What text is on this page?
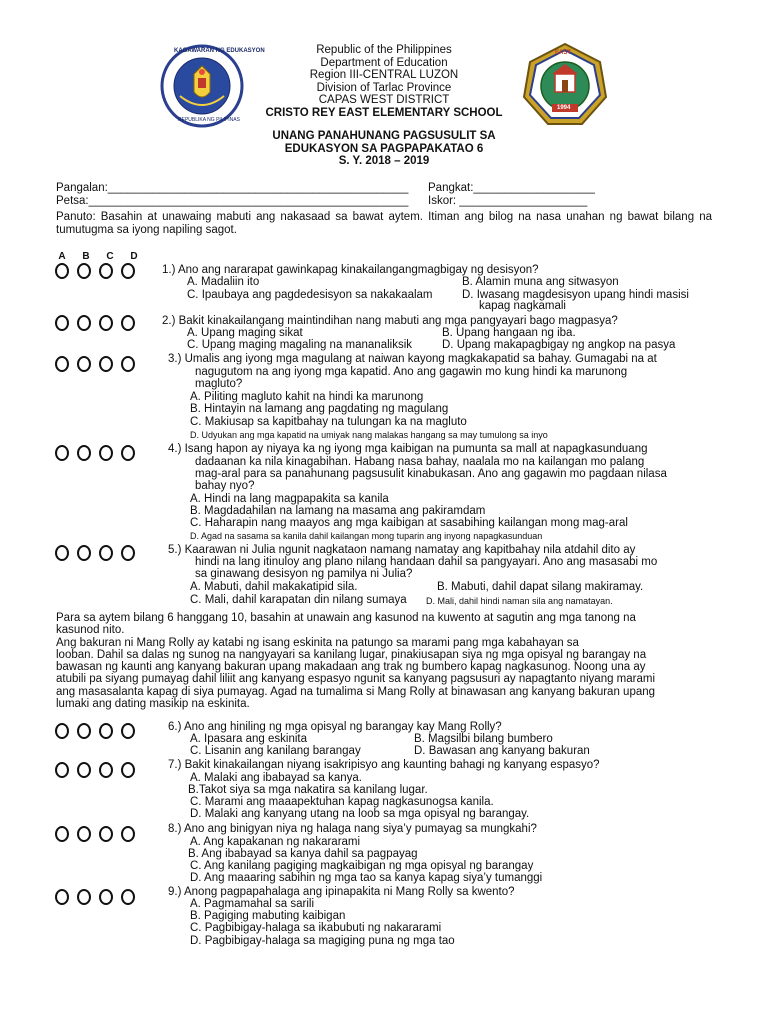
KAGAWARAN NG EDUKASYON
REPUBLIKA NG PILIPINAS
EAST
1994
Republic of the Philippines
Department of Education
Region III-CENTRAL LUZON
Division of Tarlac Province
CAPAS WEST DISTRICT
CRISTO REY EAST ELEMENTARY SCHOOL
UNANG PANAHUNANG PAGSUSULIT SA
EDUKASYON SA PAGPAPAKATAO 6
S. Y. 2018 – 2019
Pangalan:_______________________________________________ Pangkat:___________________
Petsa:__________________________________________________ Iskor: ____________________
Panuto: Basahin at unawaing mabuti ang nakasaad sa bawat aytem. Itiman ang bilog na nasa unahan ng bawat bilang na tumutugma sa iyong napiling sagot.
A B C D
1.) Ano ang nararapat gawinkapag kinakailangangmagbigay ng desisyon?
A. Madaliin ito	B. Alamin muna ang sitwasyon
C. Ipaubaya ang pagdedesisyon sa nakakaalam	D. Iwasang magdesisyon upang hindi masisi
kapag nagkamali
2.) Bakit kinakailangang maintindihan nang mabuti ang mga pangyayari bago magpasya?
A. Upang maging sikat	B. Upang hangaan ng iba.
C. Upang maging magaling na mananaliksik	D. Upang makapagbigay ng angkop na pasya
3.) Umalis ang iyong mga magulang at naiwan kayong magkakapatid sa bahay. Gumagabi na at
nagugutom na ang iyong mga kapatid. Ano ang gagawin mo kung hindi ka marunong
magluto?
A. Piliting magluto kahit na hindi ka marunong
B. Hintayin na lamang ang pagdating ng magulang
C. Makiusap sa kapitbahay na tulungan ka na magluto
D. Udyukan ang mga kapatid na umiyak nang malakas hangang sa may tumulong sa inyo
4.) Isang hapon ay niyaya ka ng iyong mga kaibigan na pumunta sa mall at napagkasunduang
dadaanan ka nila kinagabihan. Habang nasa bahay, naalala mo na kailangan mo palang
mag-aral para sa panahunang pagsusulit kinabukasan. Ano ang gagawin mo pagdaan nilasa
bahay nyo?
A. Hindi na lang magpapakita sa kanila
B. Magdadahilan na lamang na masama ang pakiramdam
C. Haharapin nang maayos ang mga kaibigan at sasabihing kailangan mong mag-aral
D. Agad na sasama sa kanila dahil kailangan mong tuparin ang inyong napagkasunduan
5.) Kaarawan ni Julia ngunit nagkataon namang namatay ang kapitbahay nila atdahil dito ay
hindi na lang itinuloy ang plano nilang handaan dahil sa pangyayari. Ano ang masasabi mo
sa ginawang desisyon ng pamilya ni Julia?
A. Mabuti, dahil makakatipid sila.	B. Mabuti, dahil dapat silang makiramay.
C. Mali, dahil karapatan din nilang sumaya D. Mali, dahil hindi naman sila ang namatayan.
Para sa aytem bilang 6 hanggang 10, basahin at unawain ang kasunod na kuwento at sagutin ang mga tanong na
kasunod nito.
Ang bakuran ni Mang Rolly ay katabi ng isang eskinita na patungo sa marami pang mga kabahayan sa
looban. Dahil sa dalas ng sunog na nangyayari sa kanilang lugar, pinakiusapan siya ng mga opisyal ng barangay na
bawasan ng kaunti ang kanyang bakuran upang makadaan ang trak ng bumbero kapag nagkasunog. Noong una ay
atubili pa siyang pumayag dahil liliit ang kanyang espasyo ngunit sa kanyang pagsusuri ay napagtanto niyang marami
ang masasalanta kapag di siya pumayag. Agad na tumalima si Mang Rolly at binawasan ang kanyang bakuran upang
lumaki ang dating masikip na eskinita.
6.) Ano ang hiniling ng mga opisyal ng barangay kay Mang Rolly?
A. Ipasara ang eskinita	B. Magsilbi bilang bumbero
C. Lisanin ang kanilang barangay	D. Bawasan ang kanyang bakuran
7.) Bakit kinakailangan niyang isakripisyo ang kaunting bahagi ng kanyang espasyo?
A. Malaki ang ibabayad sa kanya.
B.Takot siya sa mga nakatira sa kanilang lugar.
C. Marami ang maaapektuhan kapag nagkasunogsa kanila.
D. Malaki ang kanyang utang na loob sa mga opisyal ng barangay.
8.) Ano ang binigyan niya ng halaga nang siya’y pumayag sa mungkahi?
A. Ang kapakanan ng nakararami
B. Ang ibabayad sa kanya dahil sa pagpayag
C. Ang kanilang pagiging magkaibigan ng mga opisyal ng barangay
D. Ang maaaring sabihin ng mga tao sa kanya kapag siya’y tumanggi
9.) Anong pagpapahalaga ang ipinapakita ni Mang Rolly sa kwento?
A. Pagmamahal sa sarili
B. Pagiging mabuting kaibigan
C. Pagbibigay-halaga sa ikabubuti ng nakararami
D. Pagbibigay-halaga sa magiging puna ng mga tao
